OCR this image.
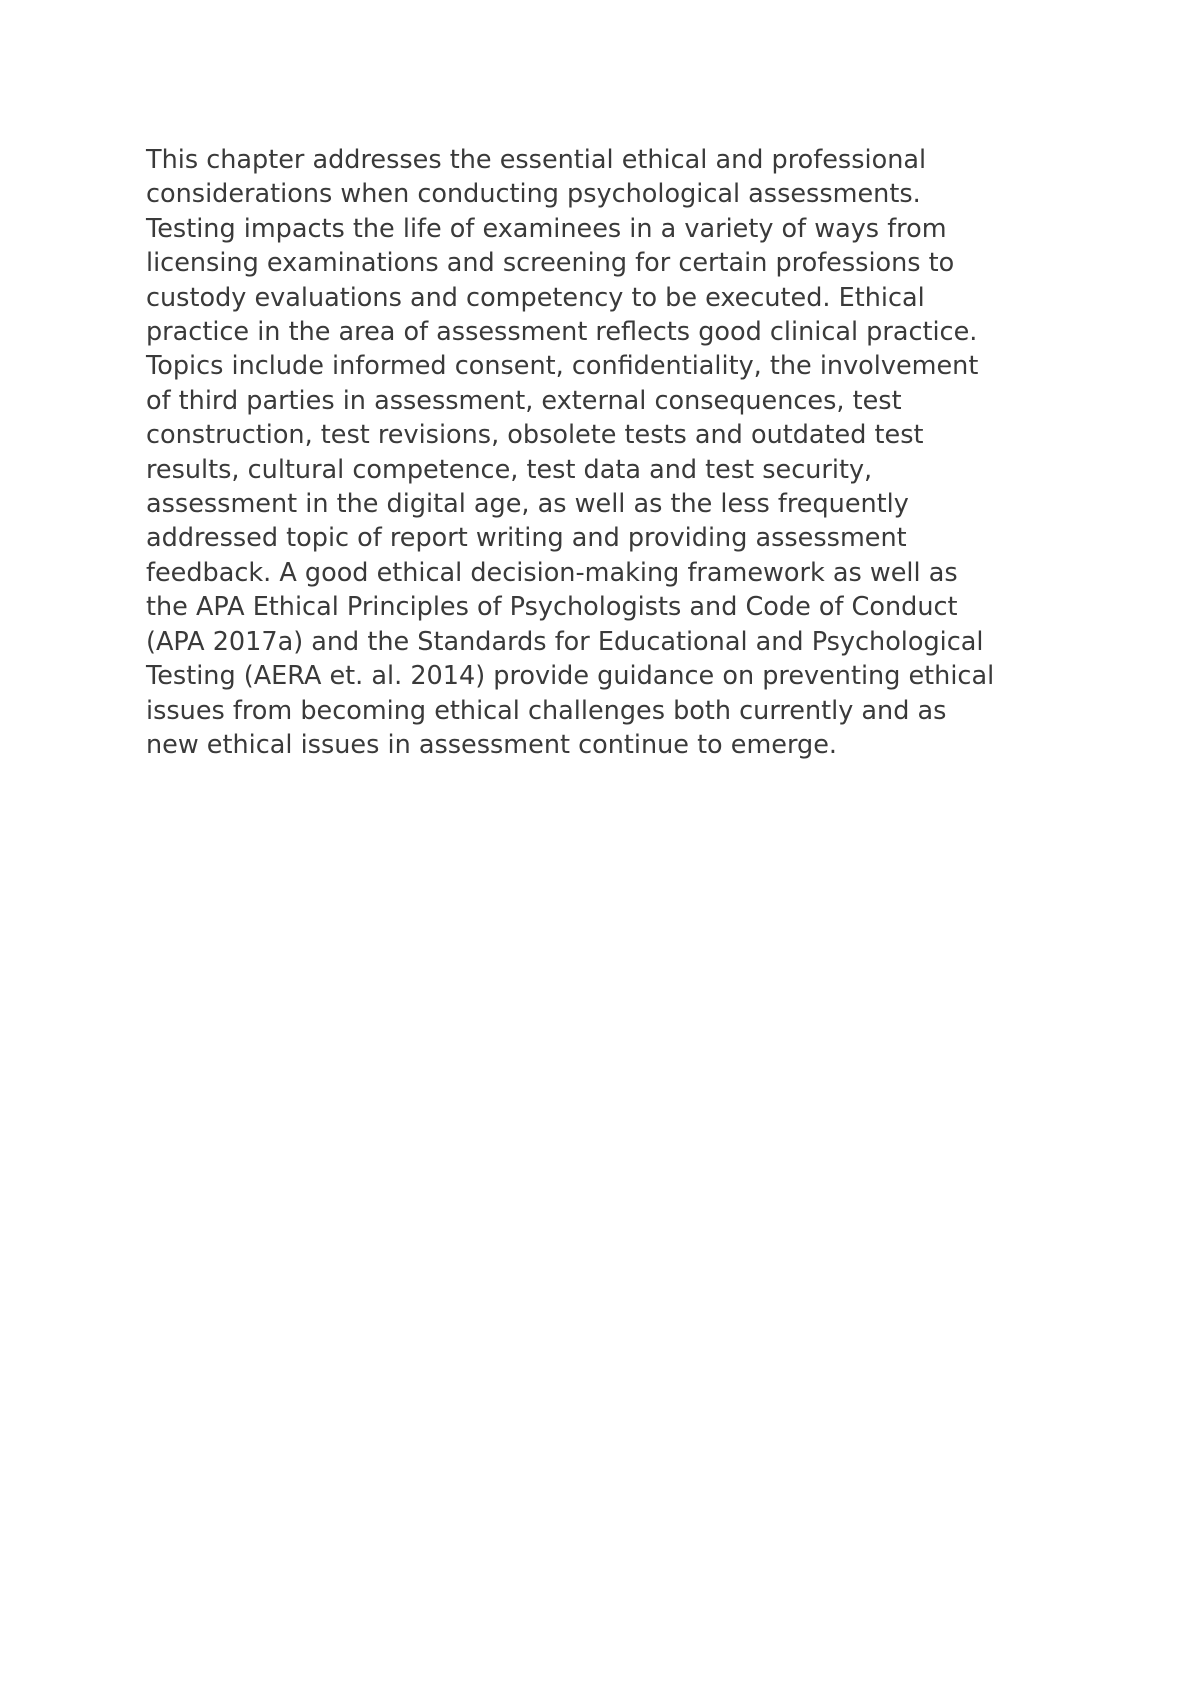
This chapter addresses the essential ethical and professional
considerations when conducting psychological assessments.
Testing impacts the life of examinees in a variety of ways from
licensing examinations and screening for certain professions to
custody evaluations and competency to be executed. Ethical
practice in the area of assessment reflects good clinical practice.
Topics include informed consent, confidentiality, the involvement
of third parties in assessment, external consequences, test
construction, test revisions, obsolete tests and outdated test
results, cultural competence, test data and test security,
assessment in the digital age, as well as the less frequently
addressed topic of report writing and providing assessment
feedback. A good ethical decision-making framework as well as
the APA Ethical Principles of Psychologists and Code of Conduct
(APA 2017a) and the Standards for Educational and Psychological
Testing (AERA et. al. 2014) provide guidance on preventing ethical
issues from becoming ethical challenges both currently and as
new ethical issues in assessment continue to emerge.
